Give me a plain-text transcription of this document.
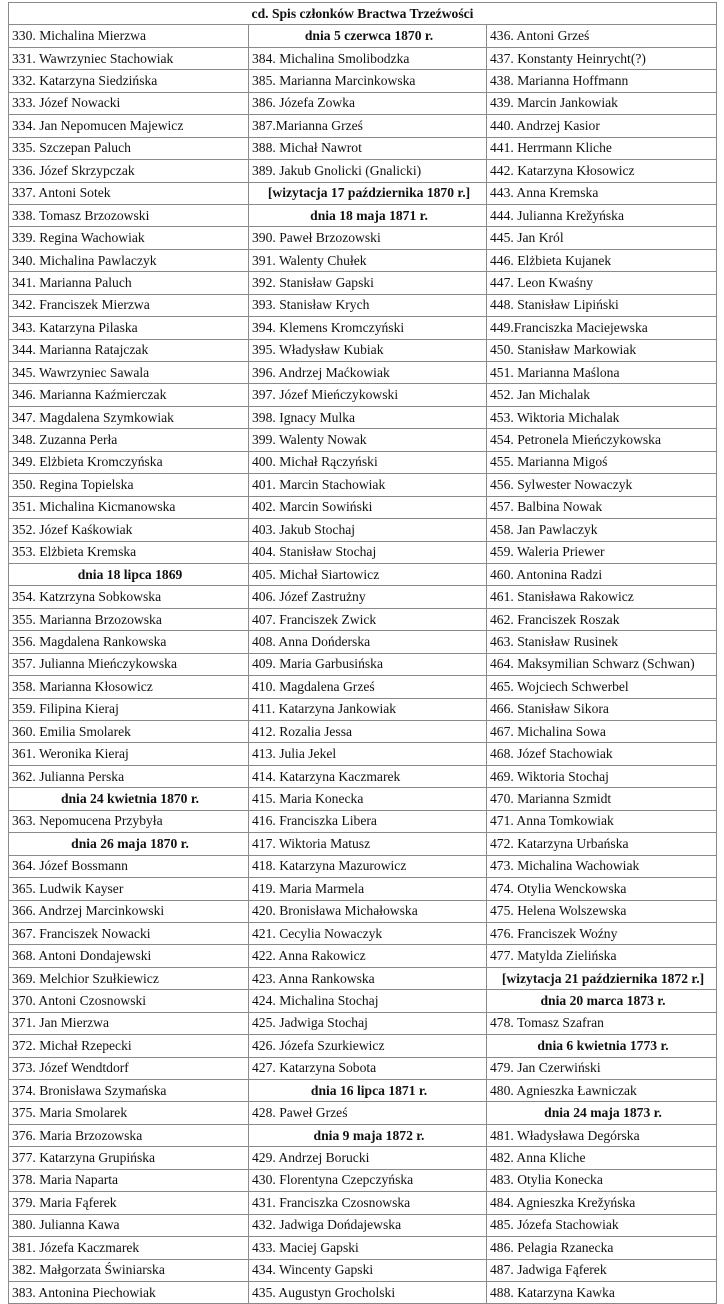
cd. Spis członków Bractwa Trzeźwości		
330. Michalina Mierzwa	dnia 5 czerwca 1870 r.	436. Antoni Grześ
331. Wawrzyniec Stachowiak	384. Michalina Smolibodzka	437. Konstanty Heinrycht(?)
332. Katarzyna Siedzińska	385. Marianna Marcinkowska	438. Marianna Hoffmann
333. Józef Nowacki	386. Józefa Zowka	439. Marcin Jankowiak
334. Jan Nepomucen Majewicz	387.Marianna Grześ	440. Andrzej Kasior
335. Szczepan Paluch	388. Michał Nawrot	441. Herrmann Kliche
336. Józef Skrzypczak	389. Jakub Gnolicki (Gnalicki)	442. Katarzyna Kłosowicz
337. Antoni Sotek	[wizytacja 17 października 1870 r.]	443. Anna Kremska
338. Tomasz Brzozowski	dnia 18 maja 1871 r.	444. Julianna Krežyńska
339. Regina Wachowiak	390. Paweł Brzozowski	445. Jan Król
340. Michalina Pawlaczyk	391. Walenty Chułek	446. Elżbieta Kujanek
341. Marianna Paluch	392. Stanisław Gapski	447. Leon Kwaśny
342. Franciszek Mierzwa	393. Stanisław Krych	448. Stanisław Lipiński
343. Katarzyna Pilaska	394. Klemens Kromczyński	449.Franciszka Maciejewska
344. Marianna Ratajczak	395. Władysław Kubiak	450. Stanisław Markowiak
345. Wawrzyniec Sawala	396. Andrzej Maćkowiak	451. Marianna Maślona
346. Marianna Kaźmierczak	397. Józef Mieńczykowski	452. Jan Michalak
347. Magdalena Szymkowiak	398. Ignacy Mulka	453. Wiktoria Michalak
348. Zuzanna Perła	399. Walenty Nowak	454. Petronela Mieńczykowska
349. Elżbieta Kromczyńska	400. Michał Rączyński	455. Marianna Migoś
350. Regina Topielska	401. Marcin Stachowiak	456. Sylwester Nowaczyk
351. Michalina Kicmanowska	402. Marcin Sowiński	457. Balbina Nowak
352. Józef Kaśkowiak	403. Jakub Stochaj	458. Jan Pawlaczyk
353. Elżbieta Kremska	404. Stanisław Stochaj	459. Waleria Priewer
dnia 18 lipca 1869	405. Michał Siartowicz	460. Antonina Radzi
354. Katzrzyna Sobkowska	406. Józef Zastrużny	461. Stanisława Rakowicz
355. Marianna Brzozowska	407. Franciszek Zwick	462. Franciszek Roszak
356. Magdalena Rankowska	408. Anna Dońderska	463. Stanisław Rusinek
357. Julianna Mieńczykowska	409. Maria Garbusińska	464. Maksymilian Schwarz (Schwan)
358. Marianna Kłosowicz	410. Magdalena Grześ	465. Wojciech Schwerbel
359. Filipina Kieraj	411. Katarzyna Jankowiak	466. Stanisław Sikora
360. Emilia Smolarek	412. Rozalia Jessa	467. Michalina Sowa
361. Weronika Kieraj	413. Julia Jekel	468. Józef Stachowiak
362. Julianna Perska	414. Katarzyna Kaczmarek	469. Wiktoria Stochaj
dnia 24 kwietnia 1870 r.	415. Maria Konecka	470. Marianna Szmidt
363. Nepomucena Przybyła	416. Franciszka Libera	471. Anna Tomkowiak
dnia 26 maja 1870 r.	417. Wiktoria Matusz	472. Katarzyna Urbańska
364. Józef Bossmann	418. Katarzyna Mazurowicz	473. Michalina Wachowiak
365. Ludwik Kayser	419. Maria Marmela	474. Otylia Wenckowska
366. Andrzej Marcinkowski	420. Bronisława Michałowska	475. Helena Wolszewska
367. Franciszek Nowacki	421. Cecylia Nowaczyk	476. Franciszek Woźny
368. Antoni Dondajewski	422. Anna Rakowicz	477. Matylda Zielińska
369. Melchior Szułkiewicz	423. Anna Rankowska	[wizytacja 21 października 1872 r.]
370. Antoni Czosnowski	424. Michalina Stochaj	dnia 20 marca 1873 r.
371. Jan Mierzwa	425. Jadwiga Stochaj	478. Tomasz Szafran
372. Michał Rzepecki	426. Józefa Szurkiewicz	dnia 6 kwietnia 1773 r.
373. Józef Wendtdorf	427. Katarzyna Sobota	479. Jan Czerwiński
374. Bronisława Szymańska	dnia 16 lipca 1871 r.	480. Agnieszka Ławniczak
375. Maria Smolarek	428. Paweł Grześ	dnia 24 maja 1873 r.
376. Maria Brzozowska	dnia 9 maja 1872 r.	481. Władysława Degórska
377. Katarzyna Grupińska	429. Andrzej Borucki	482. Anna Kliche
378. Maria Naparta	430. Florentyna Czepczyńska	483. Otylia Konecka
379. Maria Fąferek	431. Franciszka Czosnowska	484. Agnieszka Krežyńska
380. Julianna Kawa	432. Jadwiga Dońdajewska	485. Józefa Stachowiak
381. Józefa Kaczmarek	433. Maciej Gapski	486. Pelagia Rzanecka
382. Małgorzata Świniarska	434. Wincenty Gapski	487. Jadwiga Fąferek
383. Antonina Piechowiak	435. Augustyn Grocholski	488. Katarzyna Kawka
